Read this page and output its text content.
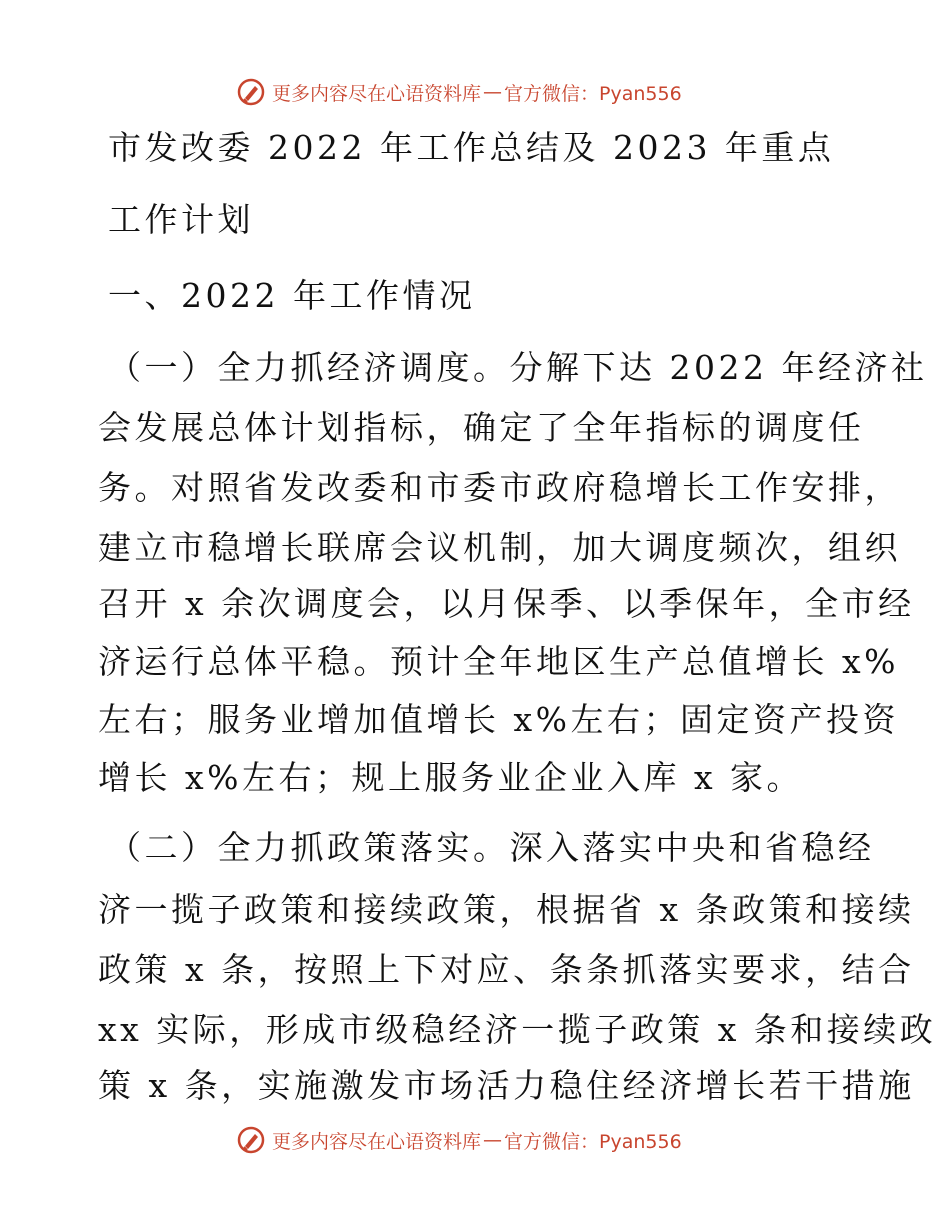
更多内容尽在心语资料库 — 官方微信：Pyan556
市发改委 2022 年工作总结及 2023 年重点
工作计划
一、2022 年工作情况
（一）全力抓经济调度。分解下达 2022 年经济社
会发展总体计划指标，确定了全年指标的调度任
务。对照省发改委和市委市政府稳增长工作安排，
建立市稳增长联席会议机制，加大调度频次，组织
召开 x 余次调度会，以月保季、以季保年，全市经
济运行总体平稳。预计全年地区生产总值增长 x%
左右；服务业增加值增长 x%左右；固定资产投资
增长 x%左右；规上服务业企业入库 x 家。
（二）全力抓政策落实。深入落实中央和省稳经
济一揽子政策和接续政策，根据省 x 条政策和接续
政策 x 条，按照上下对应、条条抓落实要求，结合
xx 实际，形成市级稳经济一揽子政策 x 条和接续政
策 x 条，实施激发市场活力稳住经济增长若干措施
更多内容尽在心语资料库 — 官方微信：Pyan556
